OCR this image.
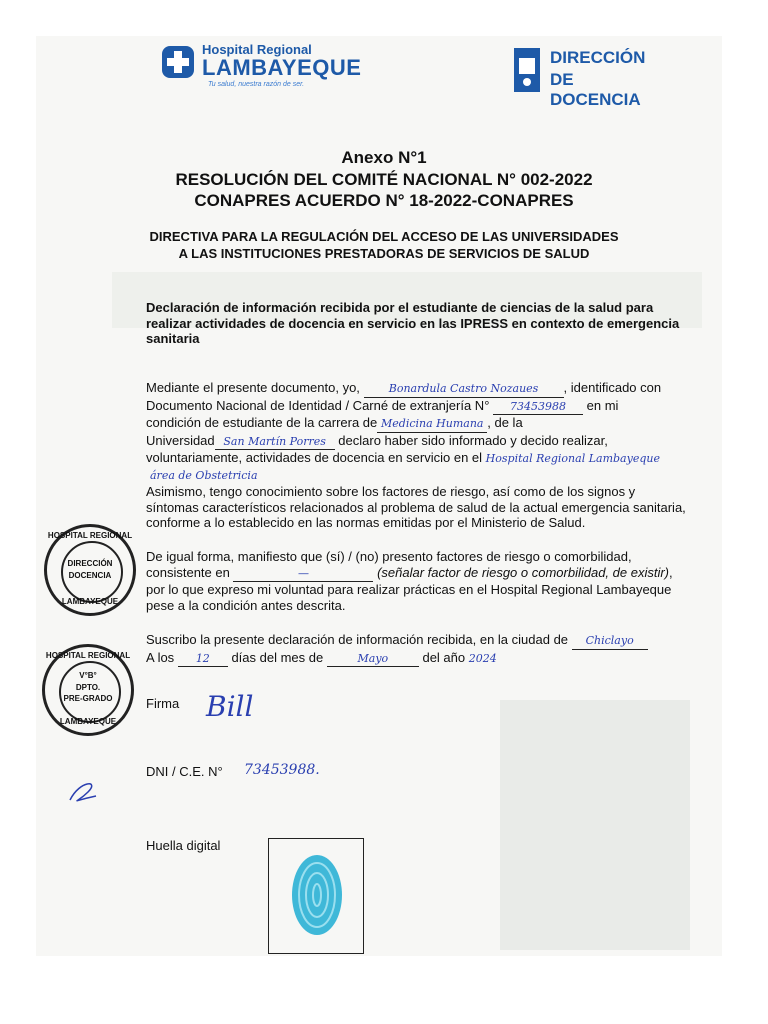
Hospital Regional
LAMBAYEQUE
Tu salud, nuestra razón de ser.
DIRECCIÓN
DE DOCENCIA
Anexo N°1
RESOLUCIÓN DEL COMITÉ NACIONAL N° 002-2022
CONAPRES ACUERDO N° 18-2022-CONAPRES
DIRECTIVA PARA LA REGULACIÓN DEL ACCESO DE LAS UNIVERSIDADES
A LAS INSTITUCIONES PRESTADORAS DE SERVICIOS DE SALUD
Declaración de información recibida por el estudiante de ciencias de la salud para realizar actividades de docencia en servicio en las IPRESS en contexto de emergencia sanitaria
Mediante el presente documento, yo,	Bonardula Castro Nozaues , identificado con
Documento Nacional de Identidad / Carné de extranjería N° 73453988 en mi
condición de estudiante de la carrera de Medicina Humana , de la
Universidad San Martín Porres declaro haber sido informado y decido realizar,
voluntariamente, actividades de docencia en servicio en el Hospital Regional Lambayeque
área de Obstetricia
Asimismo, tengo conocimiento sobre los factores de riesgo, así como de los signos y síntomas característicos relacionados al problema de salud de la actual emergencia sanitaria, conforme a lo establecido en las normas emitidas por el Ministerio de Salud.
De igual forma, manifiesto que (sí) / (no) presento factores de riesgo o comorbilidad,
consistente en	—	(señalar factor de riesgo o comorbilidad, de existir), por lo que expreso mi voluntad para realizar prácticas en el Hospital Regional Lambayeque pese a la condición antes descrita.
Suscribo la presente declaración de información recibida, en la ciudad de Chiclayo
A los 12 días del mes de	Mayo	del año 2024
Firma Bill
DNI / C.E. N°	73453988.
Huella digital
HOSPITAL REGIONAL
DIRECCIÓN
DOCENCIA
LAMBAYEQUE
HOSPITAL REGIONAL
V°B°
DPTO.
PRE-GRADO
LAMBAYEQUE
